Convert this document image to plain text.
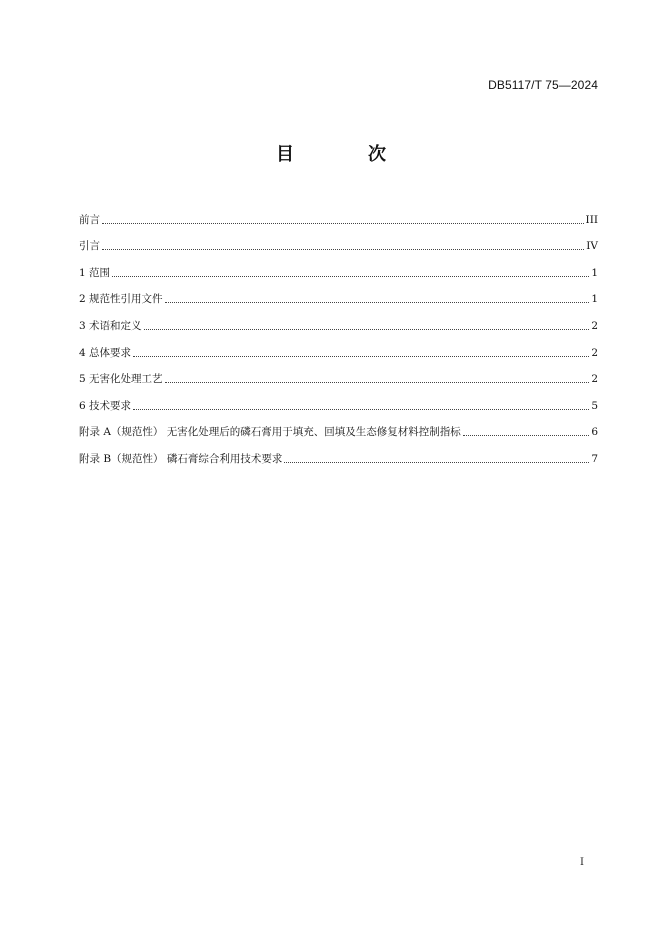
DB5117/T 75—2024
目　次
前言	III
引言	IV
1 范围	1
2 规范性引用文件	1
3 术语和定义	2
4 总体要求	2
5 无害化处理工艺	2
6 技术要求	5
附录 A（规范性） 无害化处理后的磷石膏用于填充、回填及生态修复材料控制指标	6
附录 B（规范性） 磷石膏综合利用技术要求	7
I
